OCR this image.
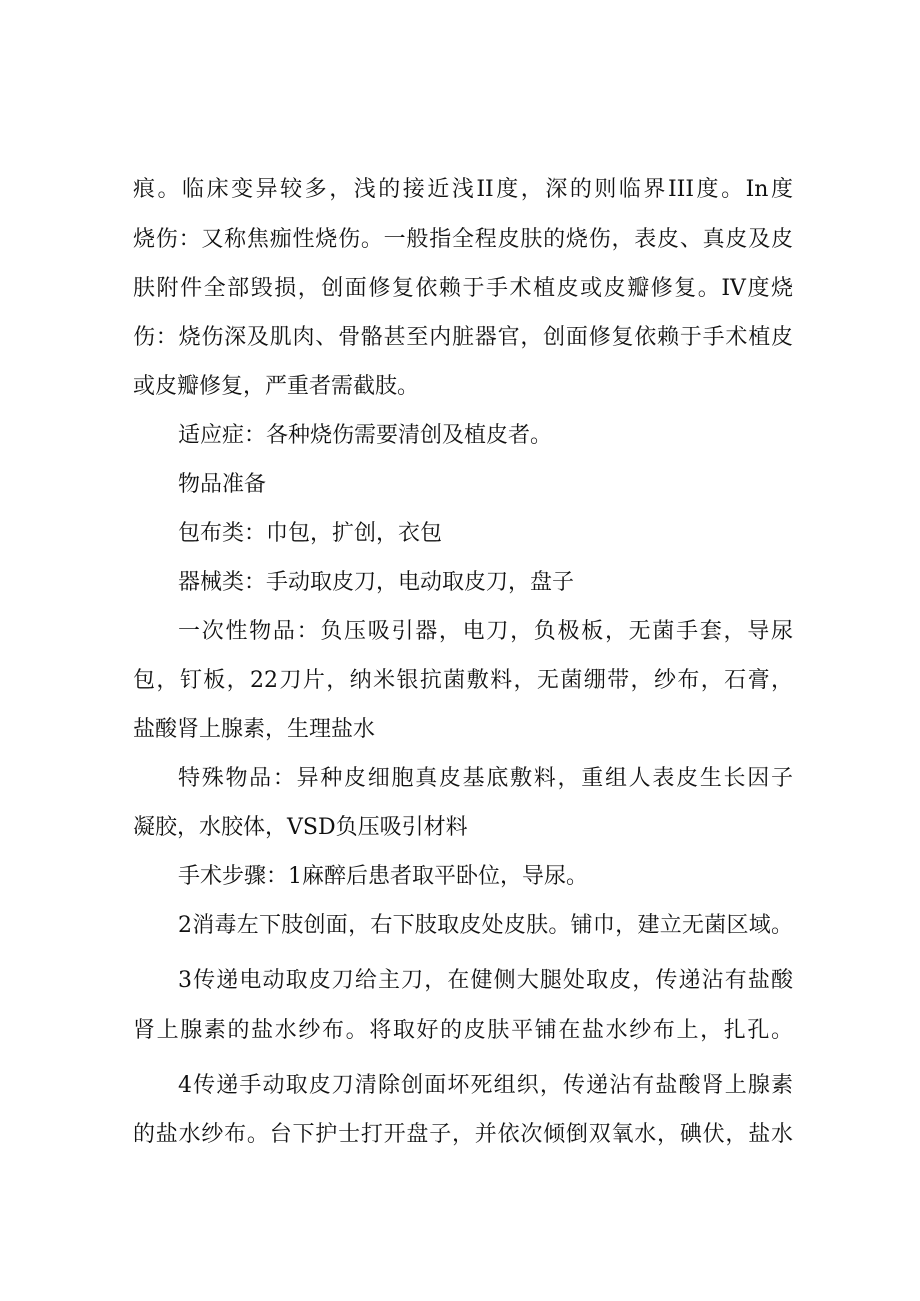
痕。临床变异较多，浅的接近浅II度，深的则临界III度。In度
烧伤：又称焦痂性烧伤。一般指全程皮肤的烧伤，表皮、真皮及皮
肤附件全部毁损，创面修复依赖于手术植皮或皮瓣修复。IV度烧
伤：烧伤深及肌肉、骨骼甚至内脏器官，创面修复依赖于手术植皮
或皮瓣修复，严重者需截肢。
适应症：各种烧伤需要清创及植皮者。
物品准备
包布类：巾包，扩创，衣包
器械类：手动取皮刀，电动取皮刀，盘子
一次性物品：负压吸引器，电刀，负极板，无菌手套，导尿
包，钉板，22刀片，纳米银抗菌敷料，无菌绷带，纱布，石膏，
盐酸肾上腺素，生理盐水
特殊物品：异种皮细胞真皮基底敷料，重组人表皮生长因子
凝胶，水胶体，VSD负压吸引材料
手术步骤：1麻醉后患者取平卧位，导尿。
2消毒左下肢创面，右下肢取皮处皮肤。铺巾，建立无菌区域。
3传递电动取皮刀给主刀，在健侧大腿处取皮，传递沾有盐酸
肾上腺素的盐水纱布。将取好的皮肤平铺在盐水纱布上，扎孔。
4传递手动取皮刀清除创面坏死组织，传递沾有盐酸肾上腺素
的盐水纱布。台下护士打开盘子，并依次倾倒双氧水，碘伏，盐水
